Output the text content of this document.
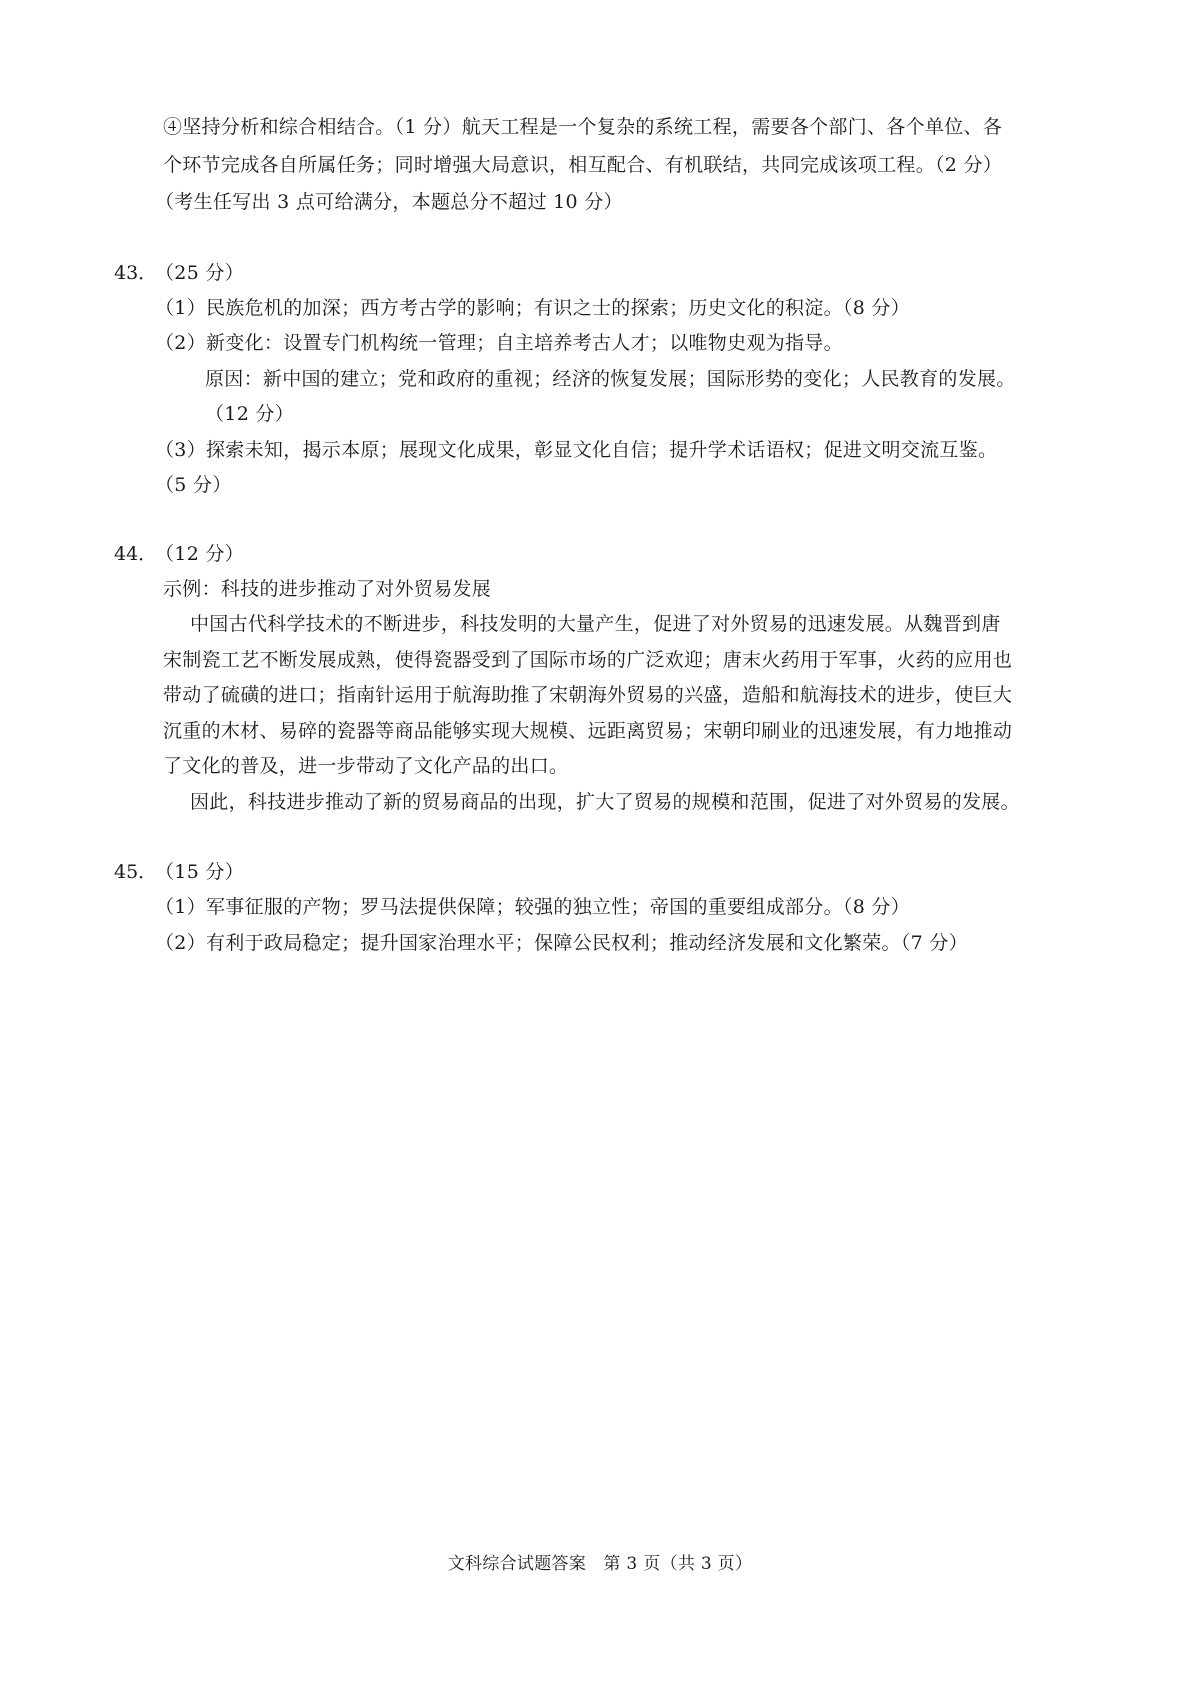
④坚持分析和综合相结合。（1 分）航天工程是一个复杂的系统工程，需要各个部门、各个单位、各
个环节完成各自所属任务；同时增强大局意识，相互配合、有机联结，共同完成该项工程。（2 分）
（考生任写出 3 点可给满分，本题总分不超过 10 分）
43．
（25 分）
（1）民族危机的加深；西方考古学的影响；有识之士的探索；历史文化的积淀。（8 分）
（2）新变化：设置专门机构统一管理；自主培养考古人才；以唯物史观为指导。
原因：新中国的建立；党和政府的重视；经济的恢复发展；国际形势的变化；人民教育的发展。
（12 分）
（3）探索未知，揭示本原；展现文化成果，彰显文化自信；提升学术话语权；促进文明交流互鉴。
（5 分）
44．
（12 分）
示例：科技的进步推动了对外贸易发展
中国古代科学技术的不断进步，科技发明的大量产生，促进了对外贸易的迅速发展。从魏晋到唐
宋制瓷工艺不断发展成熟，使得瓷器受到了国际市场的广泛欢迎；唐末火药用于军事，火药的应用也
带动了硫磺的进口；指南针运用于航海助推了宋朝海外贸易的兴盛，造船和航海技术的进步，使巨大
沉重的木材、易碎的瓷器等商品能够实现大规模、远距离贸易；宋朝印刷业的迅速发展，有力地推动
了文化的普及，进一步带动了文化产品的出口。
因此，科技进步推动了新的贸易商品的出现，扩大了贸易的规模和范围，促进了对外贸易的发展。
45．
（15 分）
（1）军事征服的产物；罗马法提供保障；较强的独立性；帝国的重要组成部分。（8 分）
（2）有利于政局稳定；提升国家治理水平；保障公民权利；推动经济发展和文化繁荣。（7 分）
文科综合试题答案　第 3 页（共 3 页）
